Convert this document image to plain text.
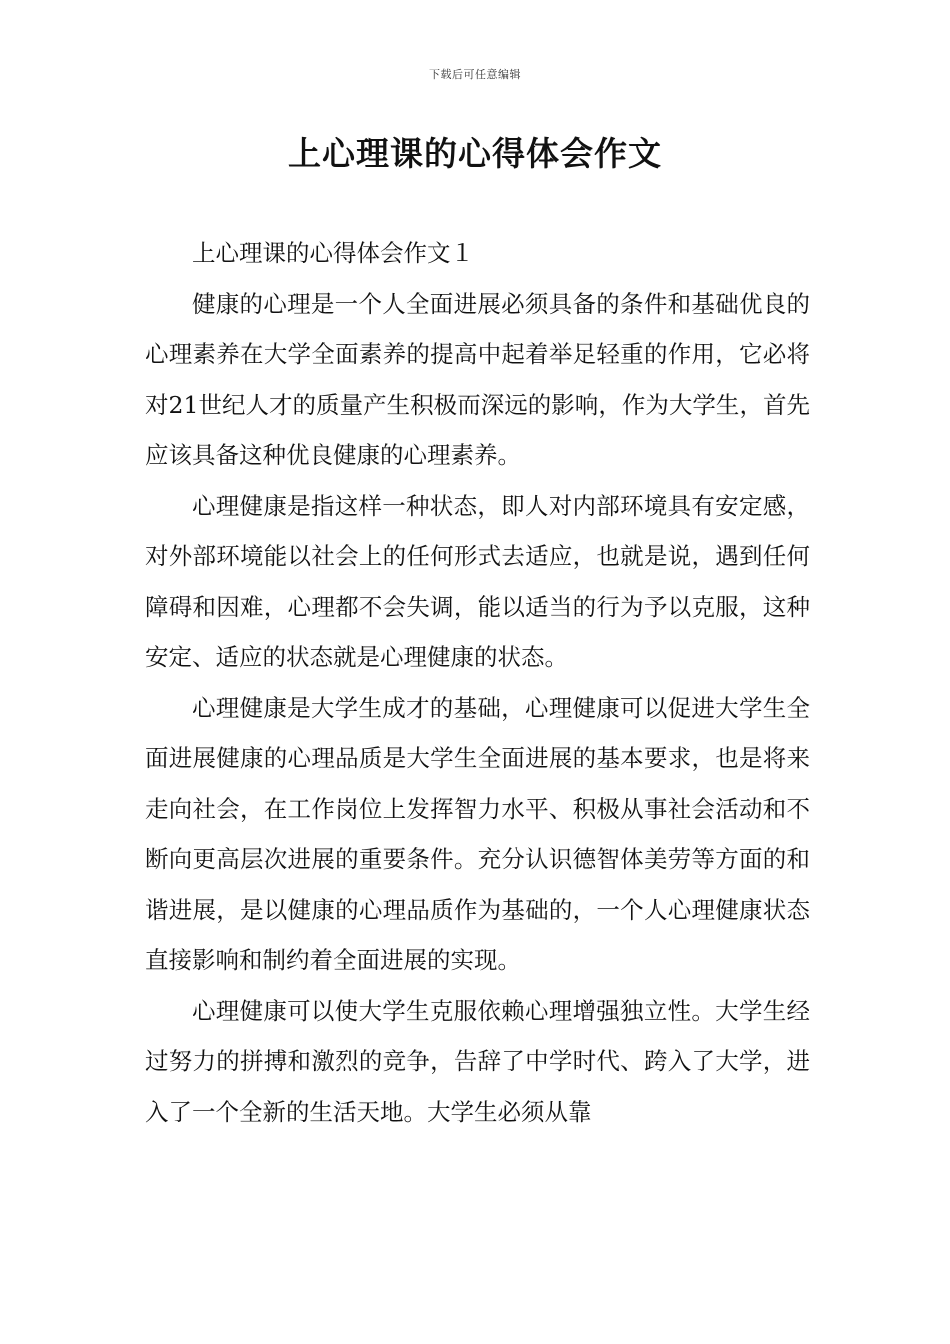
下载后可任意编辑
上心理课的心得体会作文

上心理课的心得体会作文１

健康的心理是一个人全面进展必须具备的条件和基础优良的心理素养在大学全面素养的提高中起着举足轻重的作用，它必将对21世纪人才的质量产生积极而深远的影响，作为大学生，首先应该具备这种优良健康的心理素养。

心理健康是指这样一种状态，即人对内部环境具有安定感，对外部环境能以社会上的任何形式去适应，也就是说，遇到任何障碍和因难，心理都不会失调，能以适当的行为予以克服，这种安定、适应的状态就是心理健康的状态。

心理健康是大学生成才的基础，心理健康可以促进大学生全面进展健康的心理品质是大学生全面进展的基本要求，也是将来走向社会，在工作岗位上发挥智力水平、积极从事社会活动和不断向更高层次进展的重要条件。充分认识德智体美劳等方面的和谐进展，是以健康的心理品质作为基础的，一个人心理健康状态直接影响和制约着全面进展的实现。

心理健康可以使大学生克服依赖心理增强独立性。大学生经过努力的拼搏和激烈的竞争，告辞了中学时代、跨入了大学，进入了一个全新的生活天地。大学生必须从靠
